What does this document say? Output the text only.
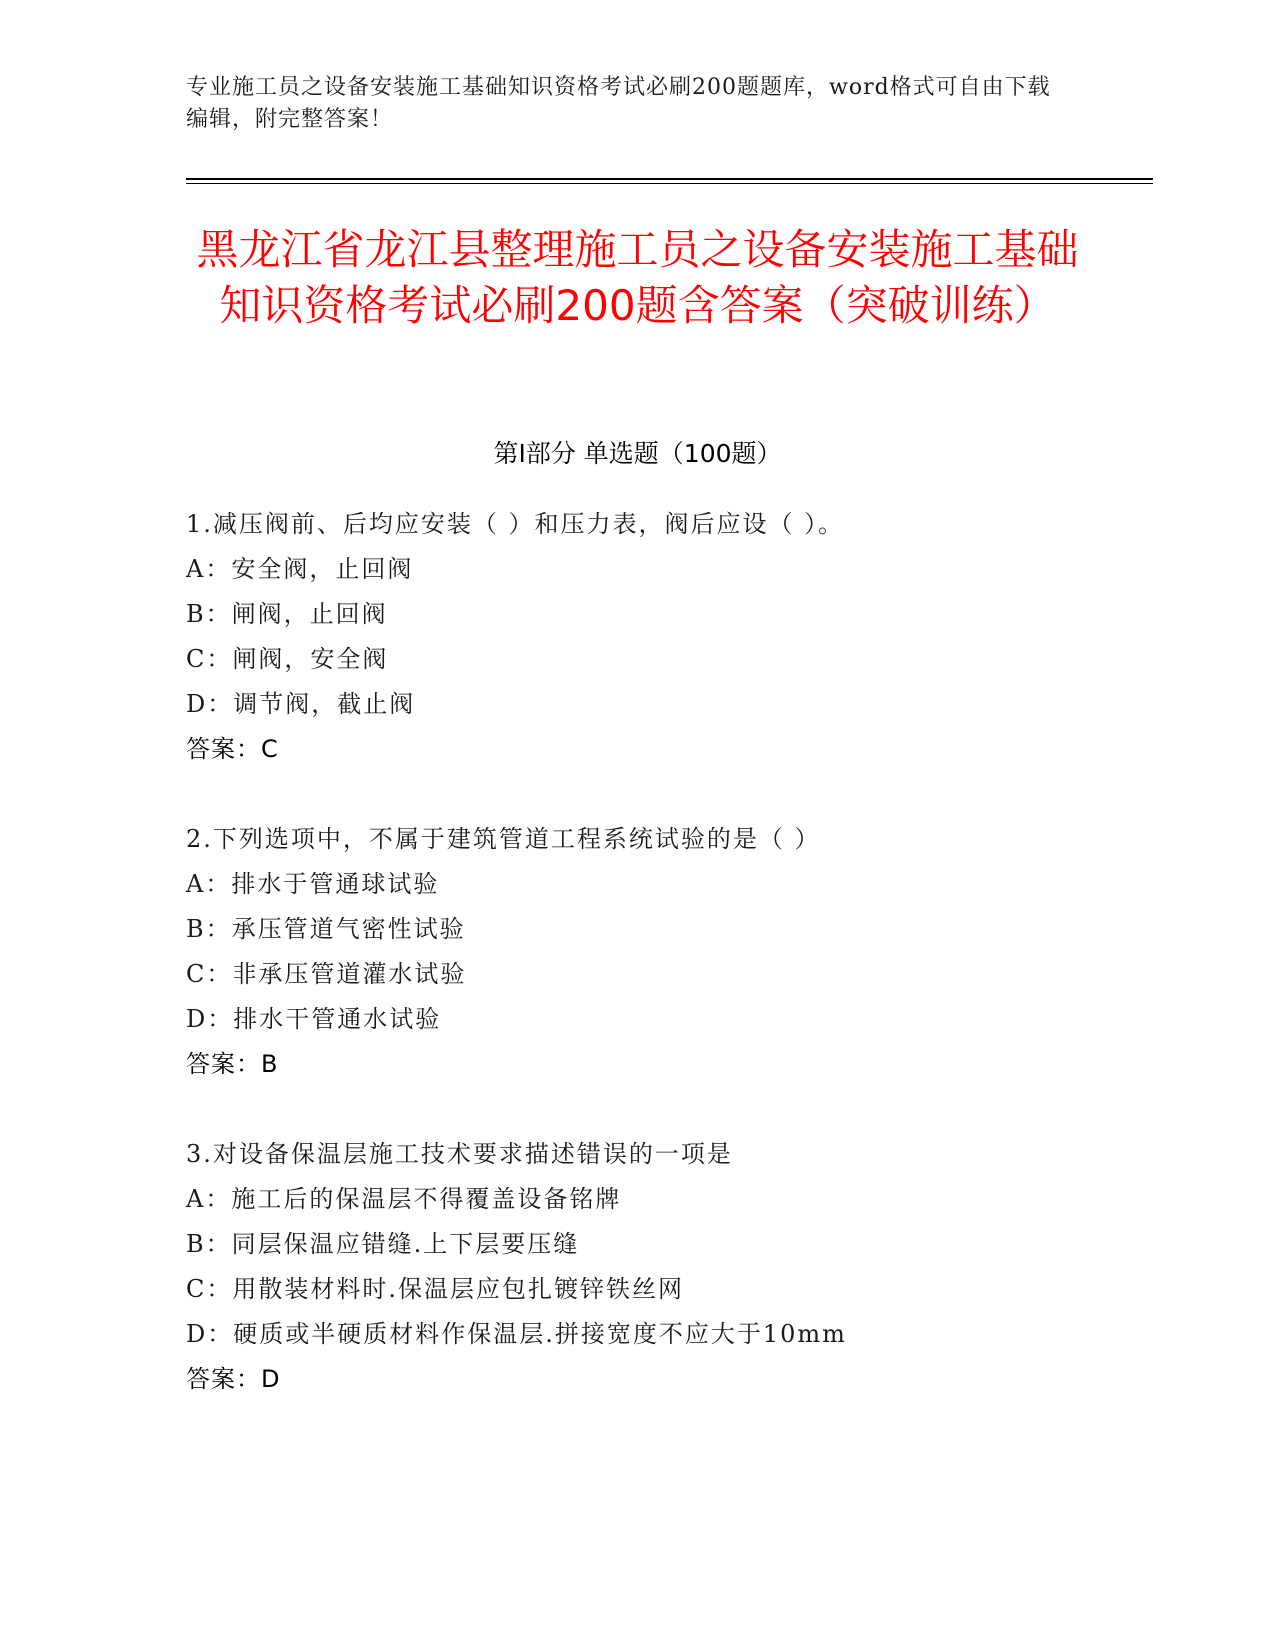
专业施工员之设备安装施工基础知识资格考试必刷200题题库，word格式可自由下载编辑，附完整答案！
黑龙江省龙江县整理施工员之设备安装施工基础知识资格考试必刷200题含答案（突破训练）
第Ⅰ部分 单选题（100题）
1.减压阀前、后均应安装（ ）和压力表，阀后应设（ ）。
A：安全阀，止回阀
B：闸阀，止回阀
C：闸阀，安全阀
D：调节阀，截止阀
答案：C
2.下列选项中，不属于建筑管道工程系统试验的是（ ）
A：排水于管通球试验
B：承压管道气密性试验
C：非承压管道灌水试验
D：排水干管通水试验
答案：B
3.对设备保温层施工技术要求描述错误的一项是
A：施工后的保温层不得覆盖设备铭牌
B：同层保温应错缝.上下层要压缝
C：用散装材料时.保温层应包扎镀锌铁丝网
D：硬质或半硬质材料作保温层.拼接宽度不应大于10mm
答案：D
